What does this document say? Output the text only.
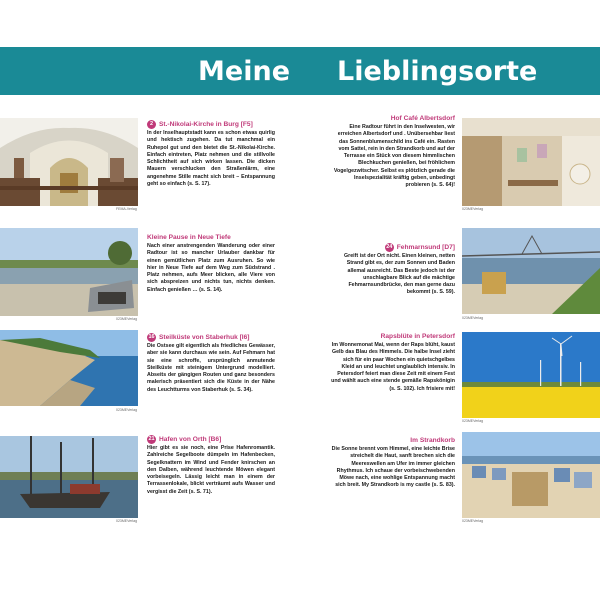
Meine Lieblingsorte
FEMA-Verlag
023MEVerlag
023MEVerlag
023MEVerlag
2 St.-Nikolai-Kirche in Burg [F5]
In der Inselhauptstadt kann es schon etwas quirlig und hektisch zugehen. Da tut manchmal ein Ruhepol gut und den bietet die St.-Nikolai-Kirche. Einfach eintreten, Platz nehmen und die stillvolle Schlichtheit auf sich wirken lassen. Die dicken Mauern verschlucken den Straßenlärm, eine angenehme Stille macht sich breit – Entspannung geht so einfach (s. S. 17).
Kleine Pause in Neue Tiefe
Nach einer anstrengenden Wanderung oder einer Radtour ist so mancher Urlauber dankbar für einen gemütlichen Platz zum Ausruhen. So wie hier in Neue Tiefe auf dem Weg zum Südstrand . Platz nehmen, aufs Meer blicken, alle Viere von sich abspreizen und nichts tun, nichts denken. Einfach genießen … (s. S. 14).
16 Steilküste von Staberhuk [I6]
Die Ostsee gilt eigentlich als friedliches Gewässer, aber sie kann durchaus wie sein. Auf Fehmarn hat sie eine schroffe, ursprünglich anmutende Steilküste mit steinigem Untergrund modelliert. Abseits der gängigen Routen und ganz besonders malerisch präsentiert sich die Küste in der Nähe des Leuchtturms von Staberhuk (s. S. 34).
21 Hafen von Orth [B6]
Hier gibt es sie noch, eine Prise Hafenromantik. Zahlreiche Segelboote dümpeln im Hafenbecken, Segelknattern im Wind und Fender knirschen an den Dalben, während leuchtende Möwen elegant vorbeisegeln. Lässig leicht man in einem der Terrassenlokale, blickt verträumt aufs Wasser und vergisst die Zeit (s. S. 71).
Hof Café Albertsdorf
Eine Radtour führt in den Inselwesten, wir erreichen Albertsdorf und . Unübersehbar liest das Sonnenblumenschild ins Café ein. Rasten vom Sattel, rein in den Strandkorb und auf der Terrasse ein Stück von diesem himmlischen Blechkuchen genießen, bei fröhlichem Vogelgezwitscher. Selbst es plötzlich gerade die Inselspezialität kräftig geben, unbedingt probieren (s. S. 64)!
24 Fehmarnsund [D7]
Greift ist der Ort nicht. Einen kleinen, netten Strand gibt es, der zum Sonnen und Baden allemal ausreicht. Das Beste jedoch ist der unschlagbare Blick auf die mächtige Fehmarnsundbrücke, den man gerne dazu bekommt (s. S. 59).
Rapsblüte in Petersdorf
Im Wonnemonat Mai, wenn der Raps blüht, kaust Gelb das Blau des Himmels. Die halbe Insel zieht sich für ein paar Wochen ein quietschgelbes Kleid an und leuchtet unglaublich intensiv. In Petersdorf feiert man diese Zeit mit einem Fest und wählt auch eine stende gemäße Rapskönigin (s. S. 102). Ich frisiere mit!
Im Strandkorb
Die Sonne brennt vom Himmel, eine leichte Brise streichelt die Haut, sanft brechen sich die Meereswellen am Ufer im immer gleichen Rhythmus. Ich schaue der vorbeischwebenden Möwe nach, eine wohlige Entspannung macht sich breit. My Strandkorb is my castle (s. S. 83).
023MEVerlag
023MEVerlag
023MEVerlag
023MEVerlag
